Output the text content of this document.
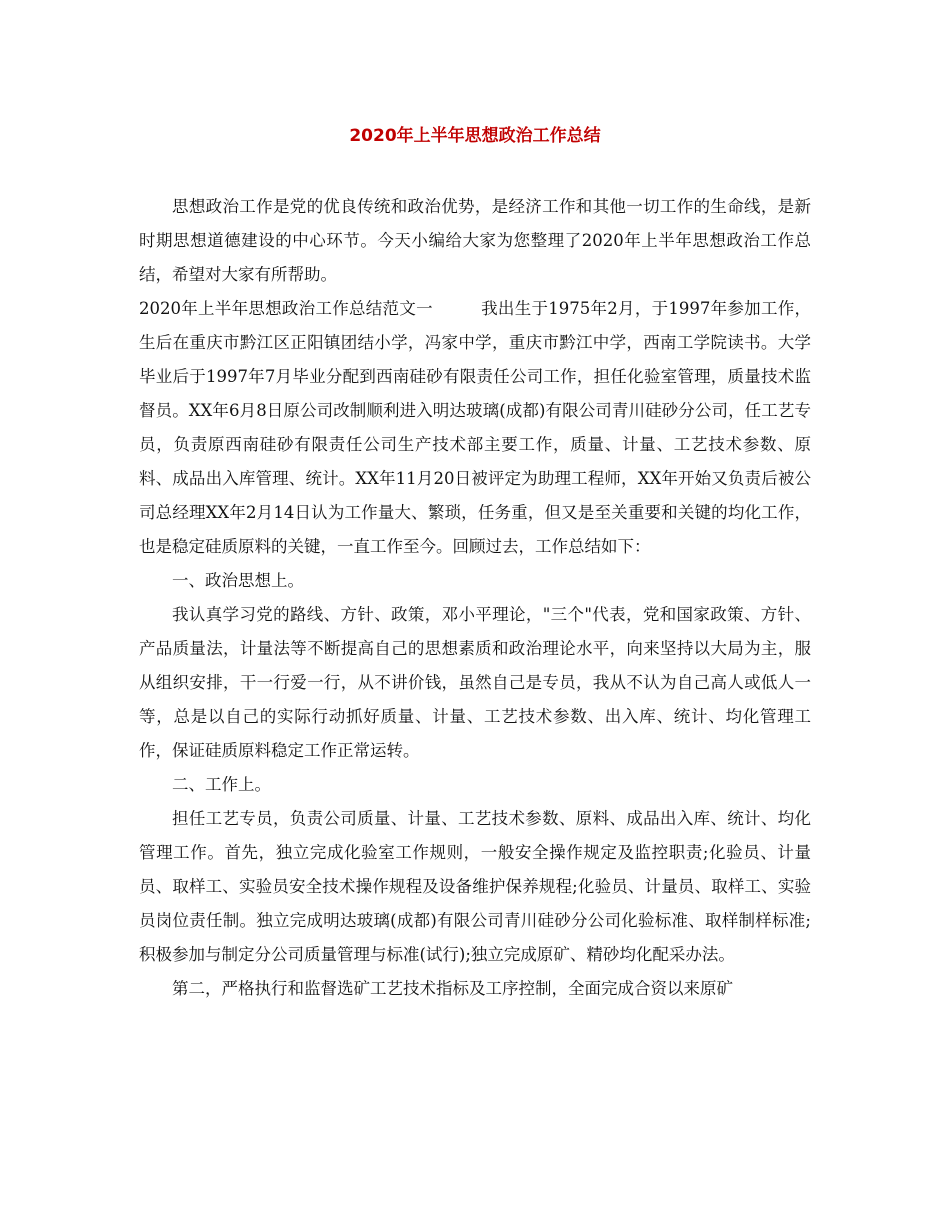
2020年上半年思想政治工作总结

思想政治工作是党的优良传统和政治优势，是经济工作和其他一切工作的生命线，是新时期思想道德建设的中心环节。今天小编给大家为您整理了2020年上半年思想政治工作总结，希望对大家有所帮助。

2020年上半年思想政治工作总结范文一	我出生于1975年2月，于1997年参加工作，生后在重庆市黔江区正阳镇团结小学，冯家中学，重庆市黔江中学，西南工学院读书。大学毕业后于1997年7月毕业分配到西南硅砂有限责任公司工作，担任化验室管理，质量技术监督员。XX年6月8日原公司改制顺利进入明达玻璃(成都)有限公司青川硅砂分公司，任工艺专员，负责原西南硅砂有限责任公司生产技术部主要工作，质量、计量、工艺技术参数、原料、成品出入库管理、统计。XX年11月20日被评定为助理工程师，XX年开始又负责后被公司总经理XX年2月14日认为工作量大、繁琐，任务重，但又是至关重要和关键的均化工作，也是稳定硅质原料的关键，一直工作至今。回顾过去，工作总结如下：

一、政治思想上。

我认真学习党的路线、方针、政策，邓小平理论，"三个"代表，党和国家政策、方针、产品质量法，计量法等不断提高自己的思想素质和政治理论水平，向来坚持以大局为主，服从组织安排，干一行爱一行，从不讲价钱，虽然自己是专员，我从不认为自己高人或低人一等，总是以自己的实际行动抓好质量、计量、工艺技术参数、出入库、统计、均化管理工作，保证硅质原料稳定工作正常运转。

二、工作上。

担任工艺专员，负责公司质量、计量、工艺技术参数、原料、成品出入库、统计、均化管理工作。首先，独立完成化验室工作规则，一般安全操作规定及监控职责;化验员、计量员、取样工、实验员安全技术操作规程及设备维护保养规程;化验员、计量员、取样工、实验员岗位责任制。独立完成明达玻璃(成都)有限公司青川硅砂分公司化验标准、取样制样标准;积极参加与制定分公司质量管理与标准(试行);独立完成原矿、精砂均化配采办法。

第二，严格执行和监督选矿工艺技术指标及工序控制，全面完成合资以来原矿
